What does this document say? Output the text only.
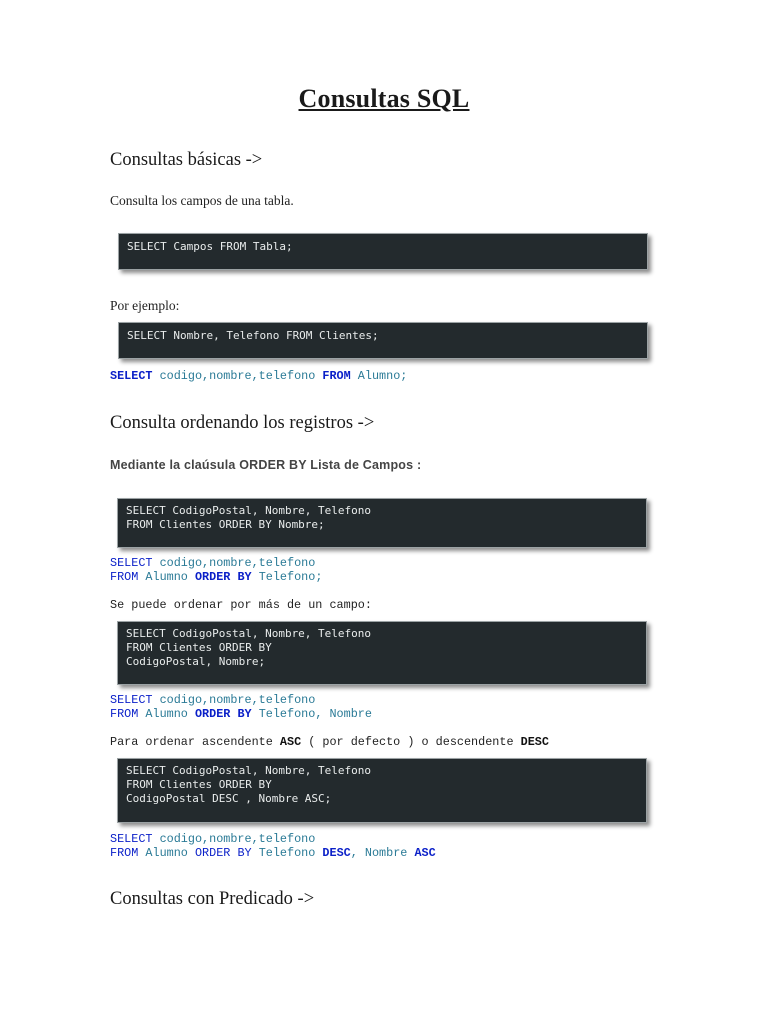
Consultas SQL
Consultas básicas ->
Consulta los campos de una tabla.
SELECT Campos FROM Tabla;
Por ejemplo:
SELECT Nombre, Telefono FROM Clientes;
SELECT codigo,nombre,telefono FROM Alumno;
Consulta ordenando los registros ->
Mediante la claúsula ORDER BY Lista de Campos :
SELECT CodigoPostal, Nombre, Telefono
FROM Clientes ORDER BY Nombre;
SELECT codigo,nombre,telefono
FROM Alumno ORDER BY Telefono;
Se puede ordenar por más de un campo:
SELECT CodigoPostal, Nombre, Telefono
FROM Clientes ORDER BY
CodigoPostal, Nombre;
SELECT codigo,nombre,telefono
FROM Alumno ORDER BY Telefono, Nombre
Para ordenar ascendente ASC ( por defecto ) o descendente DESC
SELECT CodigoPostal, Nombre, Telefono
FROM Clientes ORDER BY
CodigoPostal DESC , Nombre ASC;
SELECT codigo,nombre,telefono
FROM Alumno ORDER BY Telefono DESC, Nombre ASC
Consultas con Predicado ->
